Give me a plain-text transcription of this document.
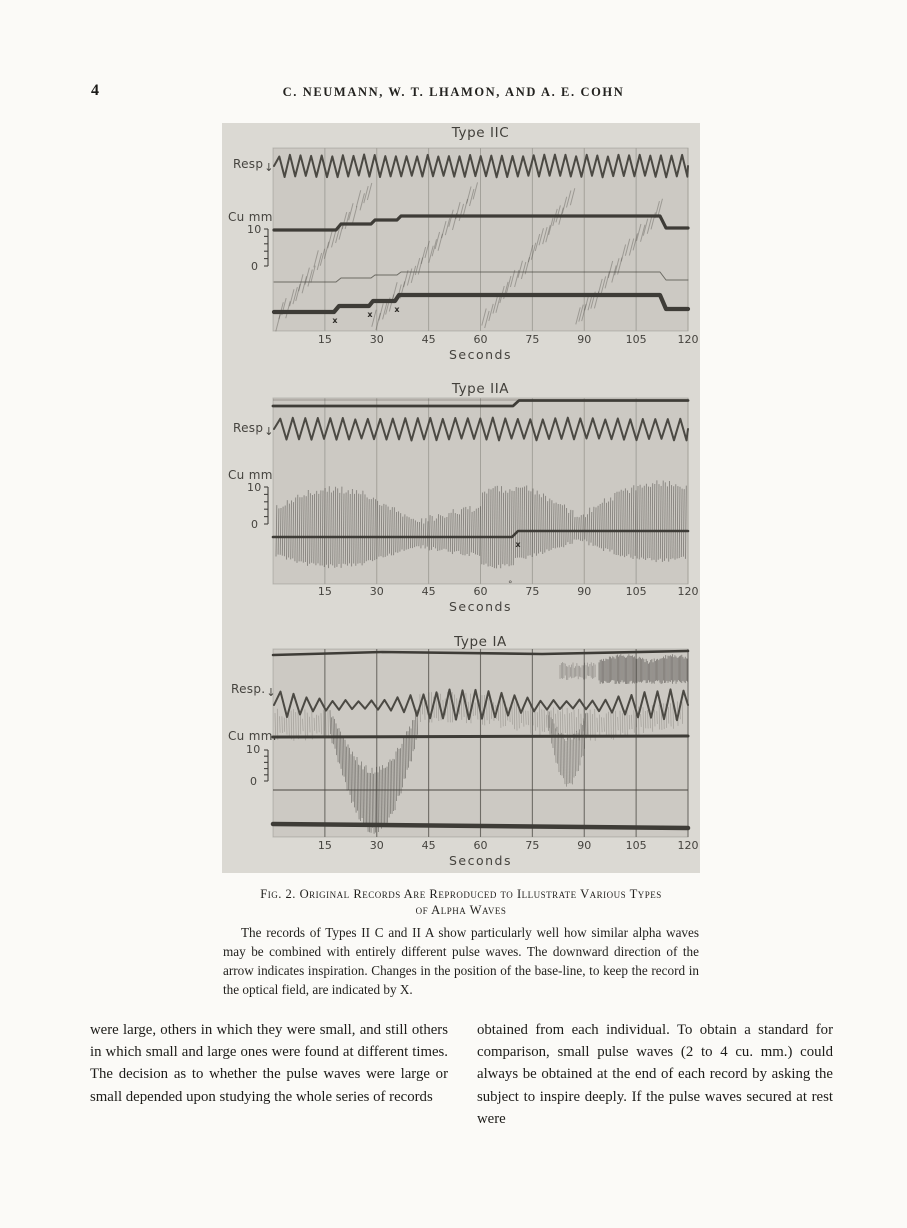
4	C. NEUMANN, W. T. LHAMON, AND A. E. COHN
x
x
x
Type IIC
Resp↓
Cu mm
10
0
15	30	45	60	75	90	105	120
Seconds
x
Type IIA
Resp↓
Cu mm
10
0
°
15	30	45	60	75	90	105	120
Seconds
Type IA
Resp.↓
Cu mm.
10
0
15	30	45	60	75	90	105	120
Seconds
Fig. 2. Original Records Are Reproduced to Illustrate Various Types
of Alpha Waves
The records of Types II C and II A show particularly well how similar alpha waves may be combined with entirely different pulse waves. The downward direction of the arrow indicates inspiration. Changes in the position of the base-line, to keep the record in the optical field, are indicated by X.
were large, others in which they were small, and still others in which small and large ones were found at different times. The decision as to whether the pulse waves were large or small depended upon studying the whole series of records
obtained from each individual. To obtain a standard for comparison, small pulse waves (2 to 4 cu. mm.) could always be obtained at the end of each record by asking the subject to inspire deeply. If the pulse waves secured at rest were
